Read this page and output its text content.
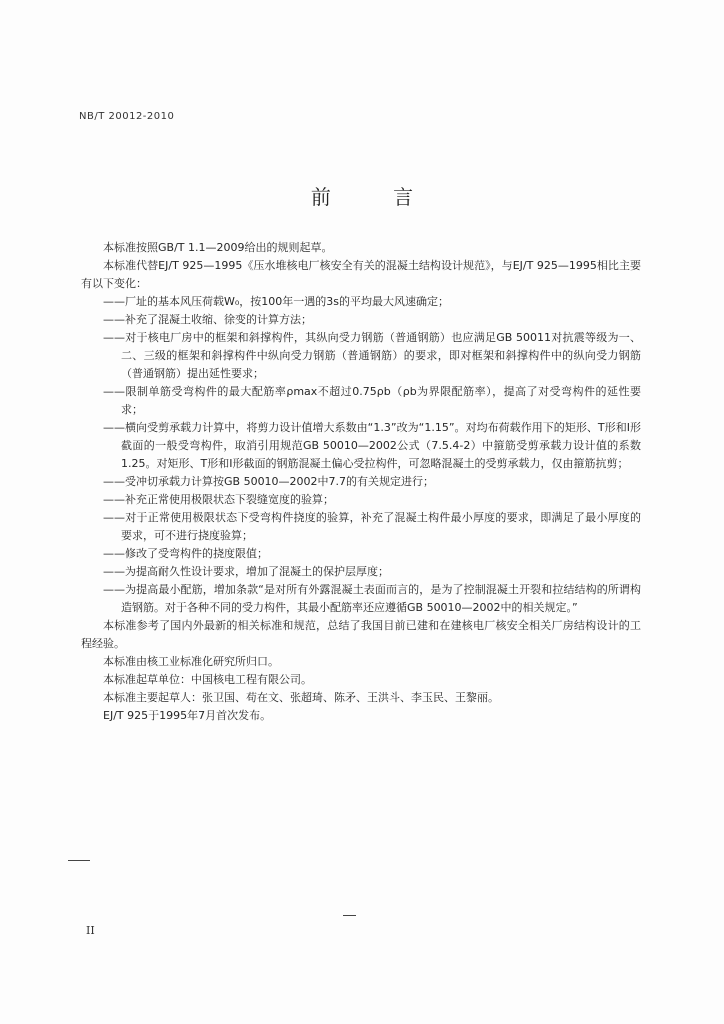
NB/T 20012-2010
前 言

本标准按照GB/T 1.1—2009给出的规则起草。

本标准代替EJ/T 925—1995《压水堆核电厂核安全有关的混凝土结构设计规范》，与EJ/T 925—1995相比主要有以下变化：

——厂址的基本风压荷载W₀，按100年一遇的3s的平均最大风速确定；
——补充了混凝土收缩、徐变的计算方法；
——对于核电厂房中的框架和斜撑构件，其纵向受力钢筋（普通钢筋）也应满足GB 50011对抗震等级为一、二、三级的框架和斜撑构件中纵向受力钢筋（普通钢筋）的要求，即对框架和斜撑构件中的纵向受力钢筋（普通钢筋）提出延性要求；
——限制单筋受弯构件的最大配筋率ρmax不超过0.75ρb（ρb为界限配筋率），提高了对受弯构件的延性要求；
——横向受剪承载力计算中，将剪力设计值增大系数由“1.3”改为“1.15”。对均布荷载作用下的矩形、T形和I形截面的一般受弯构件，取消引用规范GB 50010—2002公式（7.5.4-2）中箍筋受剪承载力设计值的系数1.25。对矩形、T形和I形截面的钢筋混凝土偏心受拉构件，可忽略混凝土的受剪承载力，仅由箍筋抗剪；
——受冲切承载力计算按GB 50010—2002中7.7的有关规定进行；
——补充正常使用极限状态下裂缝宽度的验算；
——对于正常使用极限状态下受弯构件挠度的验算，补充了混凝土构件最小厚度的要求，即满足了最小厚度的要求，可不进行挠度验算；
——修改了受弯构件的挠度限值；
——为提高耐久性设计要求，增加了混凝土的保护层厚度；
——为提高最小配筋，增加条款“是对所有外露混凝土表面而言的，是为了控制混凝土开裂和拉结结构的所谓构造钢筋。对于各种不同的受力构件，其最小配筋率还应遵循GB 50010—2002中的相关规定。”

本标准参考了国内外最新的相关标准和规范，总结了我国目前已建和在建核电厂核安全相关厂房结构设计的工程经验。

本标准由核工业标准化研究所归口。

本标准起草单位：中国核电工程有限公司。

本标准主要起草人：张卫国、苟在文、张超琦、陈矛、王洪斗、李玉民、王黎丽。

EJ/T 925于1995年7月首次发布。

II
